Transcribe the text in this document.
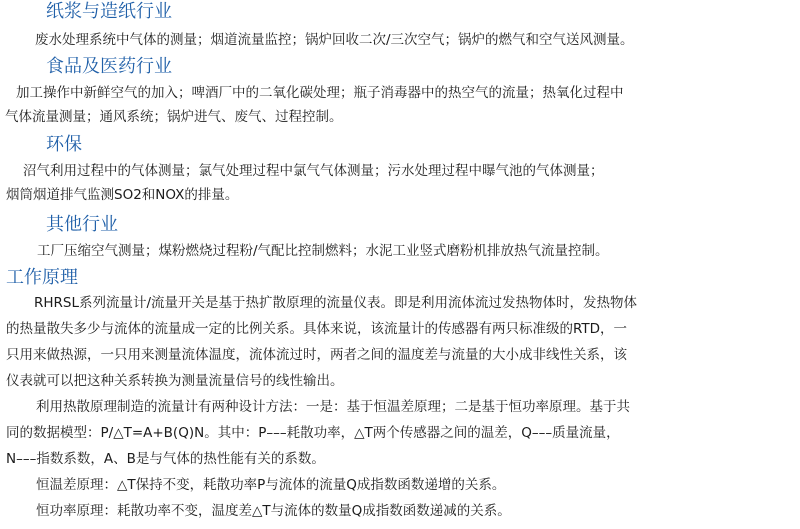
纸浆与造纸行业
废水处理系统中气体的测量；烟道流量监控；锅炉回收二次/三次空气；锅炉的燃气和空气送风测量。
食品及医药行业
加工操作中新鲜空气的加入；啤酒厂中的二氧化碳处理；瓶子消毒器中的热空气的流量；热氧化过程中
气体流量测量；通风系统；锅炉进气、废气、过程控制。
环保
沼气利用过程中的气体测量；氯气处理过程中氯气气体测量；污水处理过程中曝气池的气体测量；
烟筒烟道排气监测SO2和NOX的排量。
其他行业
工厂压缩空气测量；煤粉燃烧过程粉/气配比控制燃料；水泥工业竖式磨粉机排放热气流量控制。
工作原理
RHRSL系列流量计/流量开关是基于热扩散原理的流量仪表。即是利用流体流过发热物体时，发热物体
的热量散失多少与流体的流量成一定的比例关系。具体来说，该流量计的传感器有两只标准级的RTD，一
只用来做热源，一只用来测量流体温度，流体流过时，两者之间的温度差与流量的大小成非线性关系，该
仪表就可以把这种关系转换为测量流量信号的线性输出。
利用热散原理制造的流量计有两种设计方法：一是：基于恒温差原理；二是基于恒功率原理。基于共
同的数据模型：P/△T=A+B(Q)N。其中：P–––耗散功率，△T两个传感器之间的温差，Q–––质量流量，
N–––指数系数，A、B是与气体的热性能有关的系数。
恒温差原理：△T保持不变，耗散功率P与流体的流量Q成指数函数递增的关系。
恒功率原理：耗散功率不变，温度差△T与流体的数量Q成指数函数递减的关系。
